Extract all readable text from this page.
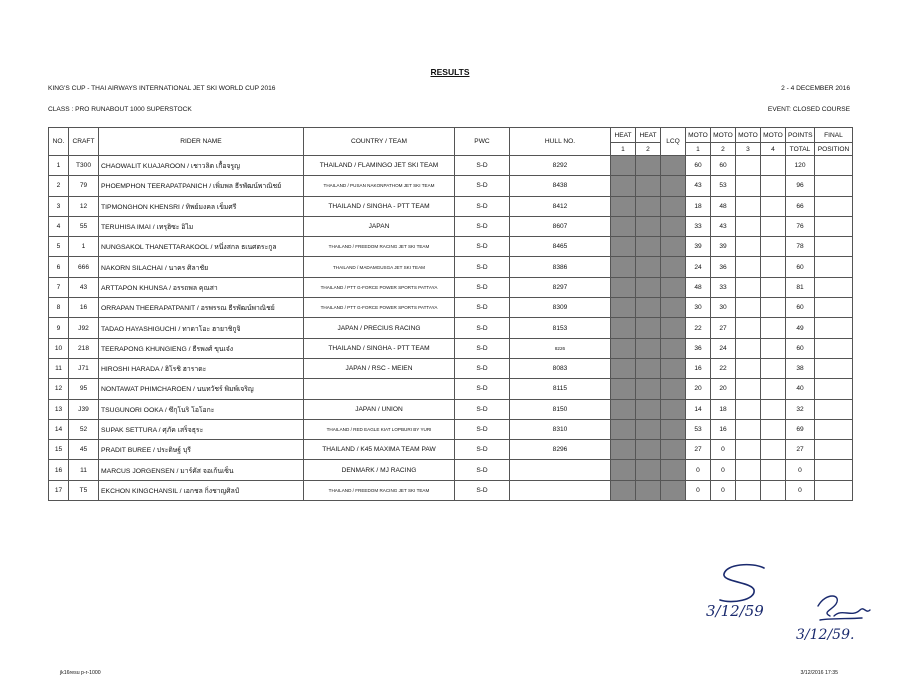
RESULTS
KING'S CUP - THAI AIRWAYS INTERNATIONAL JET SKI WORLD CUP 2016	2 - 4 DECEMBER 2016
CLASS : PRO RUNABOUT 1000 SUPERSTOCK	EVENT: CLOSED COURSE
NO.	CRAFT	RIDER NAME	COUNTRY / TEAM	PWC	HULL NO.	HEAT	HEAT	LCQ	MOTO	MOTO	MOTO	MOTO	POINTS	FINAL
						1	2		1	2	3	4	TOTAL	POSITION
1	T300	CHAOWALIT KUAJAROON / เชาวลิต เกื้อจรูญ	THAILAND / FLAMINGO JET SKI TEAM	S-D	8292				60	60			120	
2	79	PHOEMPHON TEERAPATPANICH / เพิ่มพล ธีรพัฒน์พาณิชย์	THAILAND / PUSAN NAKONPATHOM JET SKI TEAM	S-D	8438				43	53			96	
3	12	TIPMONGHON KHENSRI / ทิพย์มงคล เข็มศรี	THAILAND / SINGHA - PTT TEAM	S-D	8412				18	48			66	
4	55	TERUHISA IMAI / เทรุฮิซะ อิไม	JAPAN	S-D	8607				33	43			76	
5	1	NUNGSAKOL THANETTARAKOOL / หนึ่งสกล ธเนศตระกูล	THAILAND / FREEDOM RACING JET SKI TEAM	S-D	8465				39	39			78	
6	666	NAKORN SILACHAI / นาคร ศิลาชัย	THAILAND / MADAMGUSGA JET SKI TEAM	S-D	8386				24	36			60	
7	43	ARTTAPON KHUNSA / อรรถพล คุณสา	THAILAND / PTT G-FORCE POWER SPORTS PATTAYA	S-D	8297				48	33			81	
8	16	ORRAPAN THEERAPATPANIT / อรพรรณ ธีรพัฒน์พาณิชย์	THAILAND / PTT G-FORCE POWER SPORTS PATTAYA	S-D	8309				30	30			60	
9	J92	TADAO HAYASHIGUCHI / ทาดาโอะ ฮายาชิกูจิ	JAPAN / PRECIUS RACING	S-D	8153				22	27			49	
10	218	TEERAPONG KHUNGIENG / ธีรพงศ์ ขุนเจ๋ง	THAILAND / SINGHA - PTT TEAM	S-D	8226				36	24			60	
11	J71	HIROSHI HARADA / ฮิโรชิ ฮาราดะ	JAPAN / RSC - MEIEN	S-D	8083				16	22			38	
12	95	NONTAWAT PHIMCHAROEN / นนทวัชร์ พิมพ์เจริญ		S-D	8115				20	20			40	
13	J39	TSUGUNORI OOKA / ซึกุโนริ โอโอกะ	JAPAN / UNION	S-D	8150				14	18			32	
14	52	SUPAK SETTURA / ศุภัค เสร็จธุระ	THAILAND / RED EAGLE KIAT LOPBURI BY YURI	S-D	8310				53	16			69	
15	45	PRADIT BUREE / ประดิษฐ์ บุรี	THAILAND / K45 MAXIMA TEAM PAW	S-D	8296				27	0			27	
16	11	MARCUS JORGENSEN / มาร์คัส จอเก้นเซ็น	DENMARK / MJ RACING	S-D					0	0			0	
17	T5	EKCHON KINGCHANSIL / เอกชล กิ่งชาญศิลป์	THAILAND / FREEDOM RACING JET SKI TEAM	S-D					0	0			0	
3/12/59
3/12/59.
jk16resu p-r-1000	3/12/2016 17:35
